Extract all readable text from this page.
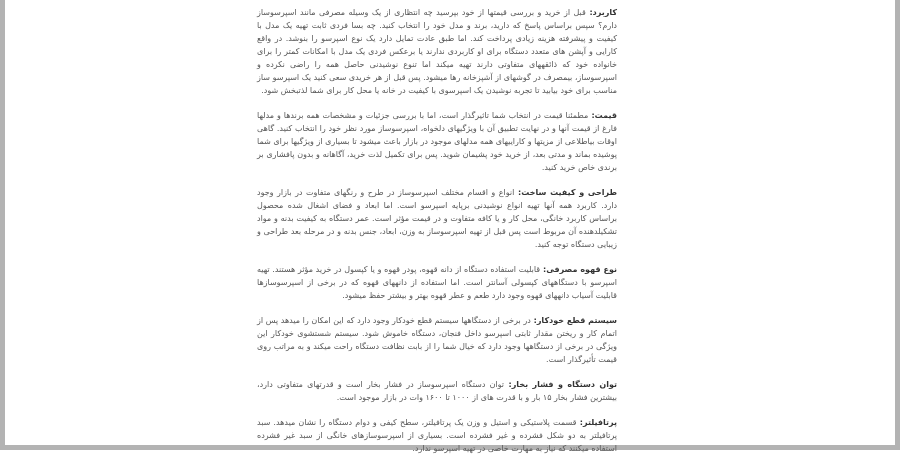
کاربرد: قبل از خرید و بررسی قیمتها از خود بپرسید چه انتظاری از یک وسیله مصرفی مانند اسپرسوساز دارم؟ سپس براساس پاسخ که دارید، برند و مدل خود را انتخاب کنید. چه بسا فردی ثابت تهیه یک مدل با کیفیت و پیشرفته هزینه زیادی پرداخت کند. اما طبق عادت تمایل دارد یک نوع اسپرسو را بنوشد. در واقع کارایی و آپشن های متعدد دستگاه برای او کاربردی ندارند یا برعکس فردی یک مدل با امکانات کمتر را برای خانواده خود که ذائقههای متفاوتی دارند تهیه میکند اما تنوع نوشیدنی حاصل همه را راضی نکرده و اسپرسوساز، بیمصرف در گوشهای از آشپزخانه رها میشود. پس قبل از هر خریدی سعی کنید یک اسپرسو ساز مناسب برای خود بیابید تا تجربه نوشیدن یک اسپرسوی با کیفیت در خانه یا محل کار برای شما لذتبخش شود.

قیمت: مطمئنا قیمت در انتخاب شما تاثیرگذار است، اما با بررسی جزئیات و مشخصات همه برندها و مدلها فارغ از قیمت آنها و در نهایت تطبیق آن با ویژگیهای دلخواه، اسپرسوساز مورد نظر خود را انتخاب کنید. گاهی اوقات بیاطلاعی از مزیتها و کاراییهای همه مدلهای موجود در بازار باعث میشود تا بسیاری از ویژگیها برای شما پوشیده بماند و مدتی بعد، از خرید خود پشیمان شوید. پس برای تکمیل لذت خرید، آگاهانه و بدون پافشاری بر برندی خاص خرید کنید.

طراحی و کیفیت ساخت: انواع و اقسام مختلف اسپرسوساز در طرح و رنگهای متفاوت در بازار وجود دارد. کاربرد همه آنها تهیه انواع نوشیدنی برپایه اسپرسو است. اما ابعاد و فضای اشغال شده محصول براساس کاربرد خانگی، محل کار و یا کافه متفاوت و در قیمت مؤثر است. عمر دستگاه به کیفیت بدنه و مواد تشکیلدهنده آن مربوط است پس قبل از تهیه اسپرسوساز به وزن، ابعاد، جنس بدنه و در مرحله بعد طراحی و زیبایی دستگاه توجه کنید.

نوع قهوه مصرفی: قابلیت استفاده دستگاه از دانه قهوه، پودر قهوه و یا کپسول در خرید مؤثر هستند. تهیه اسپرسو با دستگاههای کپسولی آسانتر است. اما استفاده از دانههای قهوه که در برخی از اسپرسوسازها قابلیت آسیاب دانههای قهوه وجود دارد طعم و عطر قهوه بهتر و بیشتر حفظ میشود.

سیستم قطع خودکار: در برخی از دستگاهها سیستم قطع خودکار وجود دارد که این امکان را میدهد پس از اتمام کار و ریختن مقدار ثابتی اسپرسو داخل فنجان، دستگاه خاموش شود. سیستم شستشوی خودکار این ویژگی در برخی از دستگاهها وجود دارد که خیال شما را از بابت نظافت دستگاه راحت میکند و به مراتب روی قیمت تأثیرگذار است.

توان دستگاه و فشار بخار: توان دستگاه اسپرسوساز در فشار بخار است و قدرتهای متفاوتی دارد، بیشترین فشار بخار ۱۵ بار و با قدرت های از ۱۰۰۰ تا ۱۶۰۰ وات در بازار موجود است.

پرتافیلتر: قسمت پلاستیکی و استیل و وزن یک پرتافیلتر، سطح کیفی و دوام دستگاه را نشان میدهد. سبد پرتافیلتر به دو شکل فشرده و غیر فشرده است. بسیاری از اسپرسوسازهای خانگی از سبد غیر فشرده استفاده میکنند که نیاز به مهارت خاصی در تهیه اسپرسو ندارد.
